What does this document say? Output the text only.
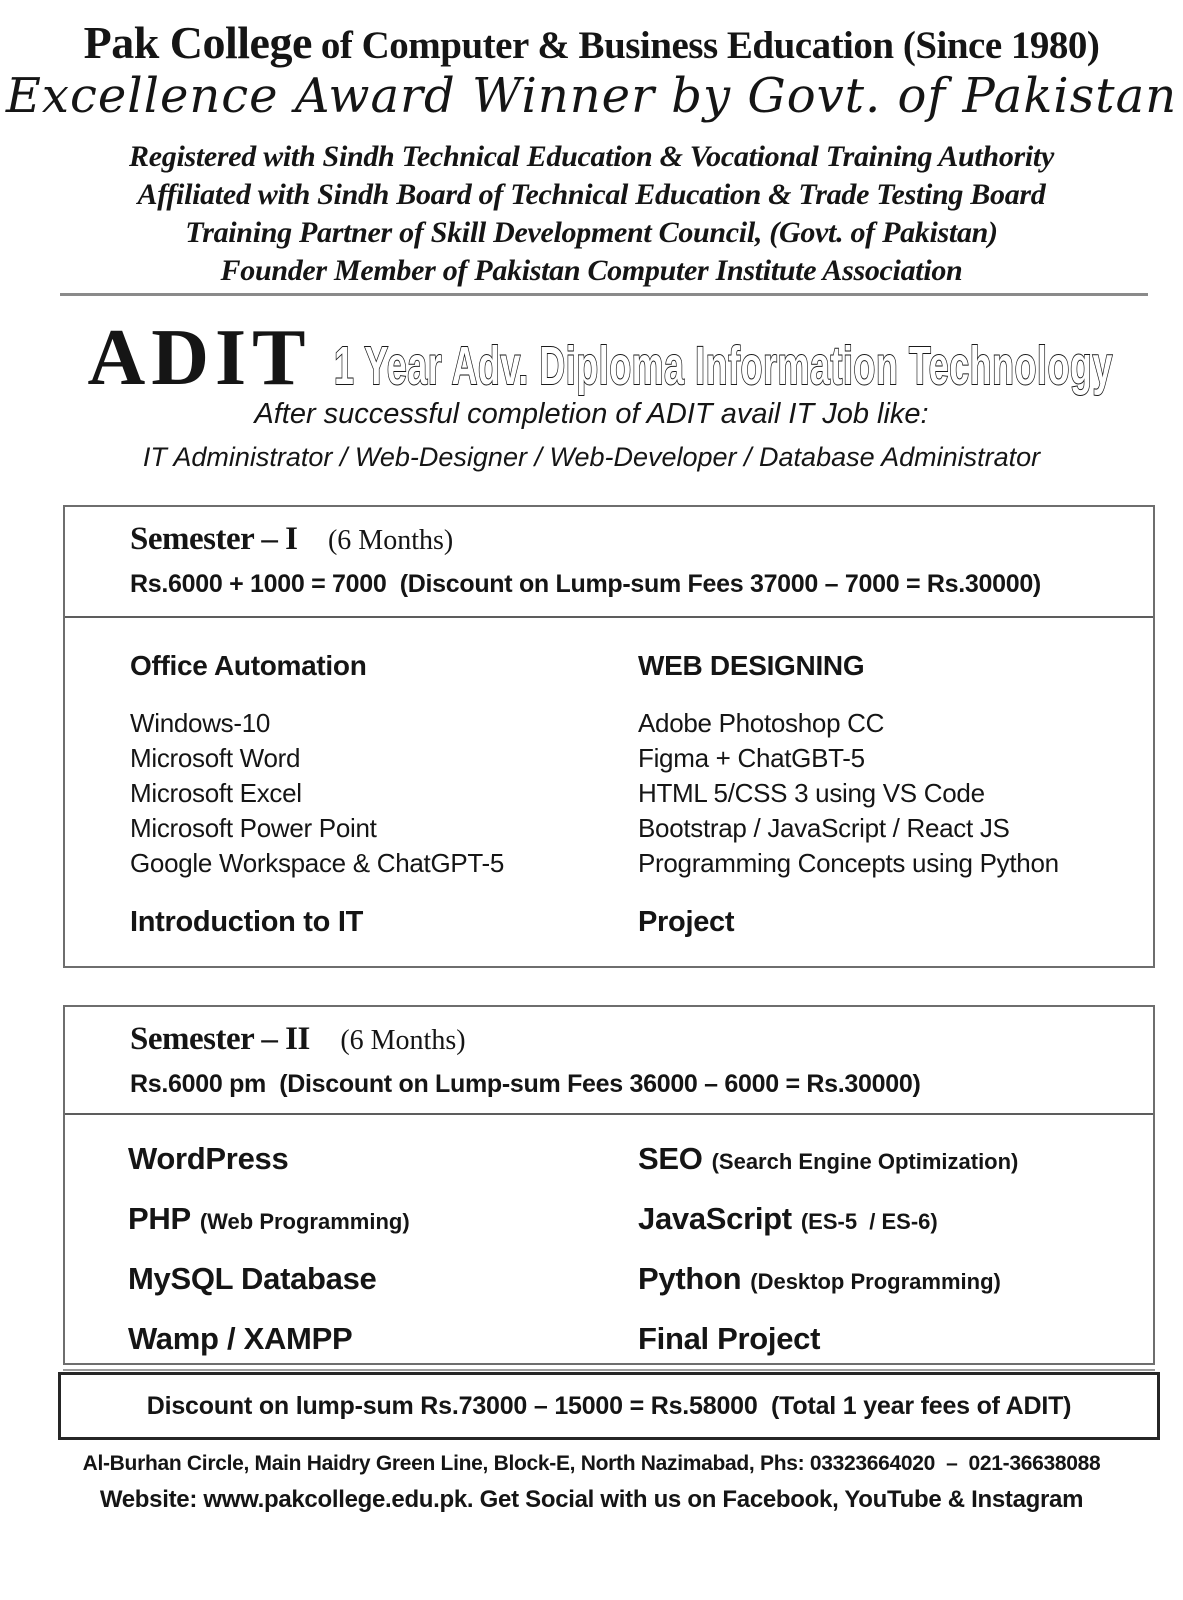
Pak College of Computer & Business Education (Since 1980)
Excellence Award Winner by Govt. of Pakistan
Registered with Sindh Technical Education & Vocational Training Authority
Affiliated with Sindh Board of Technical Education & Trade Testing Board
Training Partner of Skill Development Council, (Govt. of Pakistan)
Founder Member of Pakistan Computer Institute Association
ADIT 1 Year Adv. Diploma Information Technology
After successful completion of ADIT avail IT Job like:
IT Administrator / Web-Designer / Web-Developer / Database Administrator
Semester – I (6 Months)
Rs.6000 + 1000 = 7000  (Discount on Lump-sum Fees 37000 – 7000 = Rs.30000)
Office Automation
Windows-10
Microsoft Word
Microsoft Excel
Microsoft Power Point
Google Workspace & ChatGPT-5
Introduction to IT
WEB DESIGNING
Adobe Photoshop CC
Figma + ChatGBT-5
HTML 5/CSS 3 using VS Code
Bootstrap / JavaScript / React JS
Programming Concepts using Python
Project
Semester – II (6 Months)
Rs.6000 pm  (Discount on Lump-sum Fees 36000 – 6000 = Rs.30000)
WordPress	SEO (Search Engine Optimization)
PHP (Web Programming)	JavaScript (ES-5  / ES-6)
MySQL Database	Python (Desktop Programming)
Wamp / XAMPP	Final Project
Discount on lump-sum Rs.73000 – 15000 = Rs.58000  (Total 1 year fees of ADIT)
Al-Burhan Circle, Main Haidry Green Line, Block-E, North Nazimabad, Phs: 03323664020  –  021-36638088
Website: www.pakcollege.edu.pk. Get Social with us on Facebook, YouTube & Instagram
